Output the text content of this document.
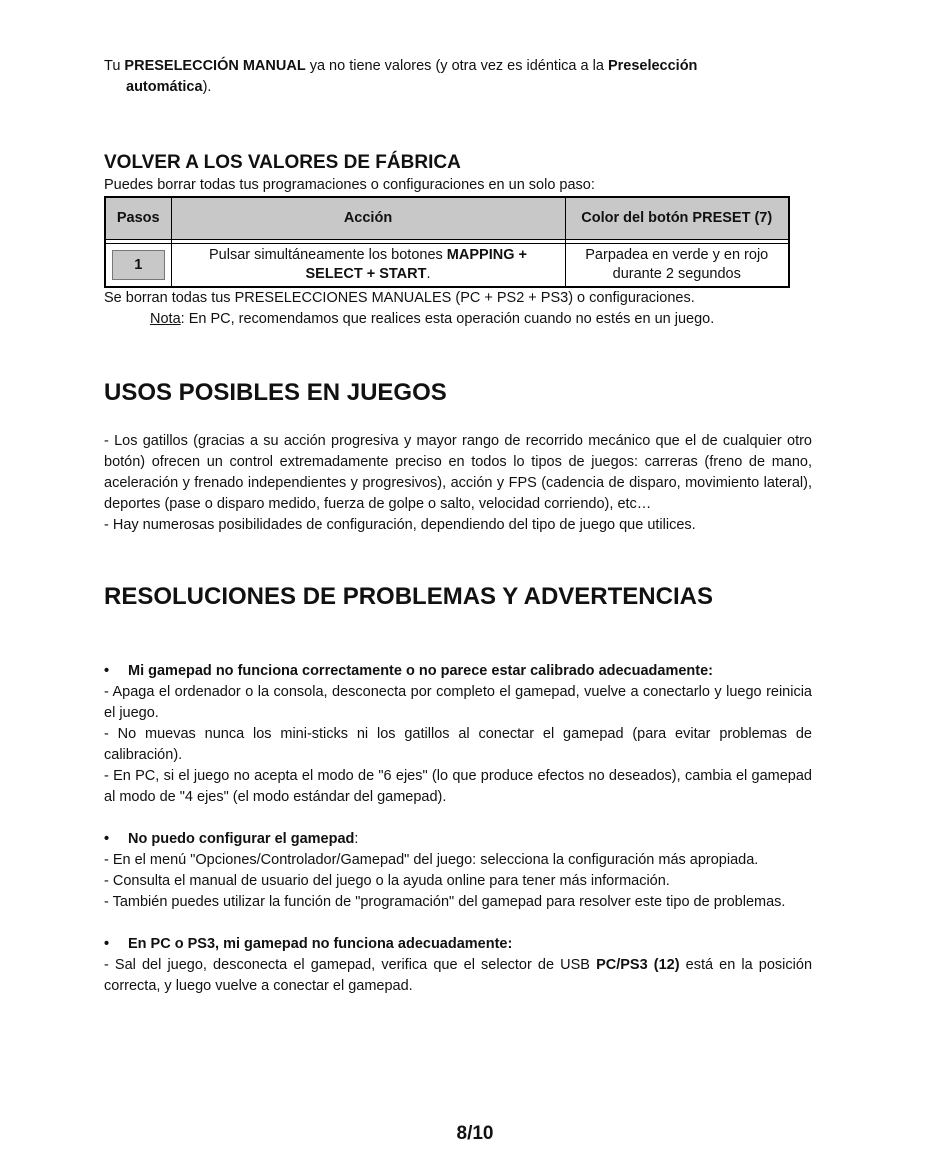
Tu PRESELECCIÓN MANUAL ya no tiene valores (y otra vez es idéntica a la Preselección
automática).

VOLVER A LOS VALORES DE FÁBRICA

Puedes borrar todas tus programaciones o configuraciones en un solo paso:

Pasos	Acción	Color del botón PRESET (7)

1	Pulsar simultáneamente los botones MAPPING +
SELECT + START.	Parpadea en verde y en rojo durante 2 segundos

Se borran todas tus PRESELECCIONES MANUALES (PC + PS2 + PS3) o configuraciones.

Nota: En PC, recomendamos que realices esta operación cuando no estés en un juego.

USOS POSIBLES EN JUEGOS

- Los gatillos (gracias a su acción progresiva y mayor rango de recorrido mecánico que el de cualquier otro botón) ofrecen un control extremadamente preciso en todos lo tipos de juegos: carreras (freno de mano, aceleración y frenado independientes y progresivos), acción y FPS (cadencia de disparo, movimiento lateral), deportes (pase o disparo medido, fuerza de golpe o salto, velocidad corriendo), etc…

- Hay numerosas posibilidades de configuración, dependiendo del tipo de juego que utilices.

RESOLUCIONES DE PROBLEMAS Y ADVERTENCIAS

• Mi gamepad no funciona correctamente o no parece estar calibrado adecuadamente:

- Apaga el ordenador o la consola, desconecta por completo el gamepad, vuelve a conectarlo y luego reinicia el juego.

- No muevas nunca los mini-sticks ni los gatillos al conectar el gamepad (para evitar problemas de calibración).

- En PC, si el juego no acepta el modo de "6 ejes" (lo que produce efectos no deseados), cambia el gamepad al modo de "4 ejes" (el modo estándar del gamepad).

• No puedo configurar el gamepad:

- En el menú "Opciones/Controlador/Gamepad" del juego: selecciona la configuración más apropiada.

- Consulta el manual de usuario del juego o la ayuda online para tener más información.

- También puedes utilizar la función de "programación" del gamepad para resolver este tipo de problemas.

• En PC o PS3, mi gamepad no funciona adecuadamente:

- Sal del juego, desconecta el gamepad, verifica que el selector de USB PC/PS3 (12) está en la posición correcta, y luego vuelve a conectar el gamepad.

8/10
